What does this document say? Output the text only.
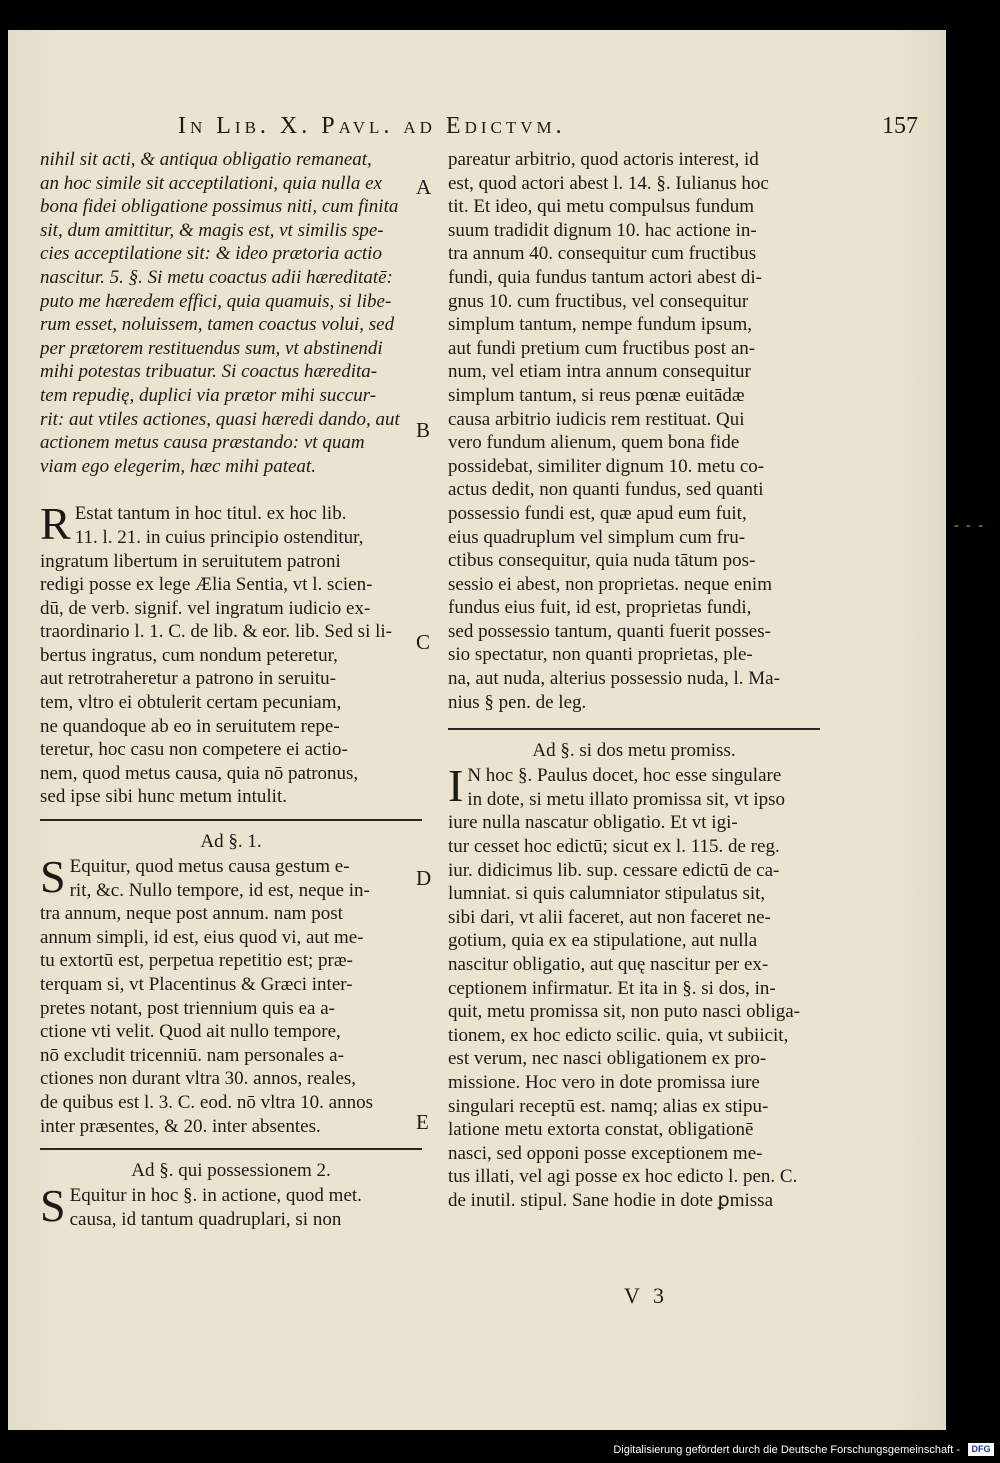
In Lib. X. Pavl. ad Edictvm.	157
nihil sit acti, & antiqua obligatio remaneat,
an hoc simile sit acceptilationi, quia nulla ex
bona fidei obligatione possimus niti, cum finita
sit, dum amittitur, & magis est, vt similis spe-
cies acceptilatione sit: & ideo prætoria actio
nascitur. 5. §. Si metu coactus adii hæreditatē:
puto me hæredem effici, quia quamuis, si libe-
rum esset, noluissem, tamen coactus volui, sed
per prætorem restituendus sum, vt abstinendi
mihi potestas tribuatur. Si coactus hæredita-
tem repudię, duplici via prætor mihi succur-
rit: aut vtiles actiones, quasi hæredi dando, aut
actionem metus causa præstando: vt quam
viam ego elegerim, hæc mihi pateat.
R Estat tantum in hoc titul. ex hoc lib.
11. l. 21. in cuius principio ostenditur,
ingratum libertum in seruitutem patroni
redigi posse ex lege Ælia Sentia, vt l. scien-
dū, de verb. signif. vel ingratum iudicio ex-
traordinario l. 1. C. de lib. & eor. lib. Sed si li-
bertus ingratus, cum nondum peteretur,
aut retrotraheretur a patrono in seruitu-
tem, vltro ei obtulerit certam pecuniam,
ne quandoque ab eo in seruitutem repe-
teretur, hoc casu non competere ei actio-
nem, quod metus causa, quia nō patronus,
sed ipse sibi hunc metum intulit.
Ad §. 1.
S Equitur, quod metus causa gestum e-
rit, &c. Nullo tempore, id est, neque in-
tra annum, neque post annum. nam post
annum simpli, id est, eius quod vi, aut me-
tu extortū est, perpetua repetitio est; præ-
terquam si, vt Placentinus & Græci inter-
pretes notant, post triennium quis ea a-
ctione vti velit. Quod ait nullo tempore,
nō excludit tricenniū. nam personales a-
ctiones non durant vltra 30. annos, reales,
de quibus est l. 3. C. eod. nō vltra 10. annos
inter præsentes, & 20. inter absentes.
Ad §. qui possessionem 2.
S Equitur in hoc §. in actione, quod met.
causa, id tantum quadruplari, si non
A
B
C
D
E
pareatur arbitrio, quod actoris interest, id
est, quod actori abest l. 14. §. Iulianus hoc
tit. Et ideo, qui metu compulsus fundum
suum tradidit dignum 10. hac actione in-
tra annum 40. consequitur cum fructibus
fundi, quia fundus tantum actori abest di-
gnus 10. cum fructibus, vel consequitur
simplum tantum, nempe fundum ipsum,
aut fundi pretium cum fructibus post an-
num, vel etiam intra annum consequitur
simplum tantum, si reus pœnæ euitādæ
causa arbitrio iudicis rem restituat. Qui
vero fundum alienum, quem bona fide
possidebat, similiter dignum 10. metu co-
actus dedit, non quanti fundus, sed quanti
possessio fundi est, quæ apud eum fuit,
eius quadruplum vel simplum cum fru-
ctibus consequitur, quia nuda tātum pos-
sessio ei abest, non proprietas. neque enim
fundus eius fuit, id est, proprietas fundi,
sed possessio tantum, quanti fuerit posses-
sio spectatur, non quanti proprietas, ple-
na, aut nuda, alterius possessio nuda, l. Ma-
nius § pen. de leg.
Ad §. si dos metu promiss.
I N hoc §. Paulus docet, hoc esse singulare
in dote, si metu illato promissa sit, vt ipso
iure nulla nascatur obligatio. Et vt igi-
tur cesset hoc edictū; sicut ex l. 115. de reg.
iur. didicimus lib. sup. cessare edictū de ca-
lumniat. si quis calumniator stipulatus sit,
sibi dari, vt alii faceret, aut non faceret ne-
gotium, quia ex ea stipulatione, aut nulla
nascitur obligatio, aut quę nascitur per ex-
ceptionem infirmatur. Et ita in §. si dos, in-
quit, metu promissa sit, non puto nasci obliga-
tionem, ex hoc edicto scilic. quia, vt subiicit,
est verum, nec nasci obligationem ex pro-
missione. Hoc vero in dote promissa iure
singulari receptū est. namq; alias ex stipu-
latione metu extorta constat, obligationē
nasci, sed opponi posse exceptionem me-
tus illati, vel agi posse ex hoc edicto l. pen. C.
de inutil. stipul. Sane hodie in dote ꝑmissa
V 3
- - -
Digitalisierung gefördert durch die Deutsche Forschungsgemeinschaft -	DFG
